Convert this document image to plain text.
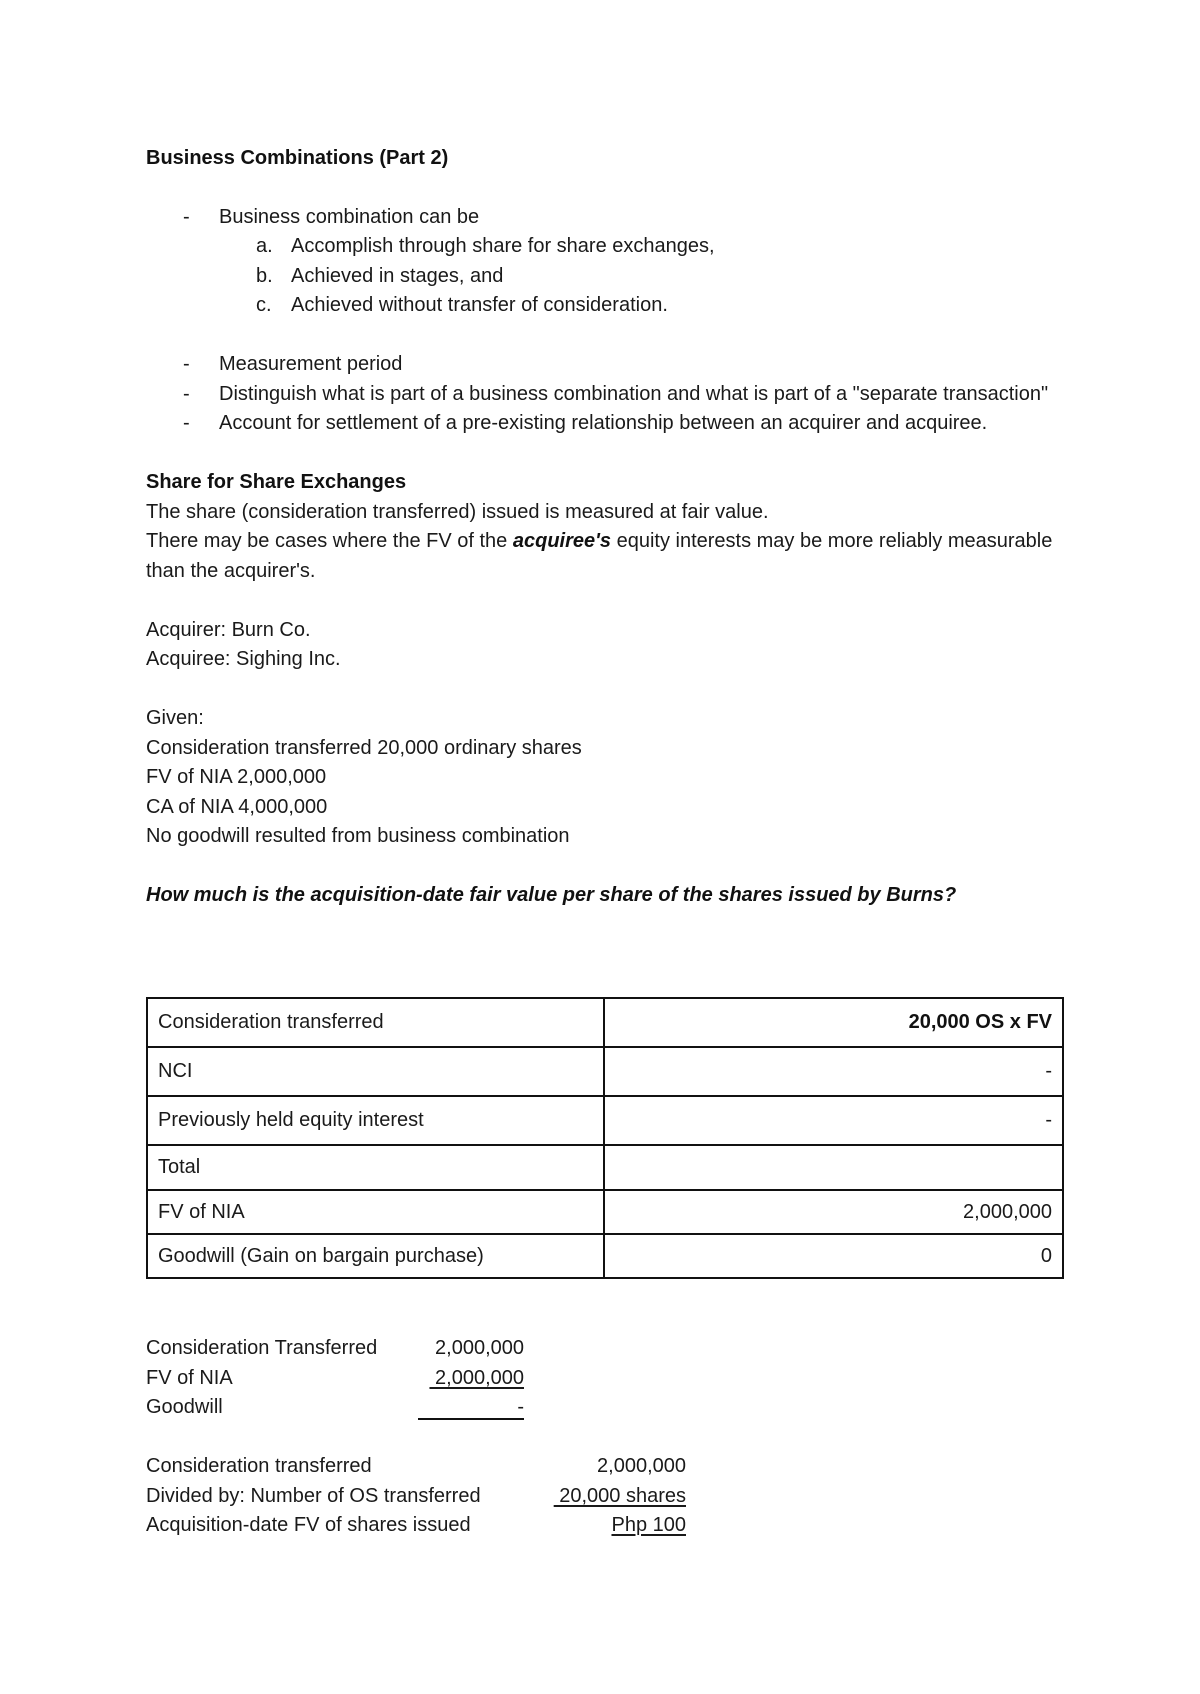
Business Combinations (Part 2)
- Business combination can be
a. Accomplish through share for share exchanges,
b. Achieved in stages, and
c. Achieved without transfer of consideration.
- Measurement period
- Distinguish what is part of a business combination and what is part of a "separate transaction"
- Account for settlement of a pre-existing relationship between an acquirer and acquiree.
Share for Share Exchanges
The share (consideration transferred) issued is measured at fair value.
There may be cases where the FV of the acquiree's equity interests may be more reliably measurable than the acquirer's.
Acquirer: Burn Co.
Acquiree: Sighing Inc.
Given:
Consideration transferred 20,000 ordinary shares
FV of NIA 2,000,000
CA of NIA 4,000,000
No goodwill resulted from business combination
How much is the acquisition-date fair value per share of the shares issued by Burns?
Consideration transferred	20,000 OS x FV
NCI	-
Previously held equity interest	-
Total	
FV of NIA	2,000,000
Goodwill (Gain on bargain purchase)	0
Consideration Transferred	2,000,000
FV of NIA	2,000,000
Goodwill	-
Consideration transferred	2,000,000
Divided by: Number of OS transferred	20,000 shares
Acquisition-date FV of shares issued	Php 100
